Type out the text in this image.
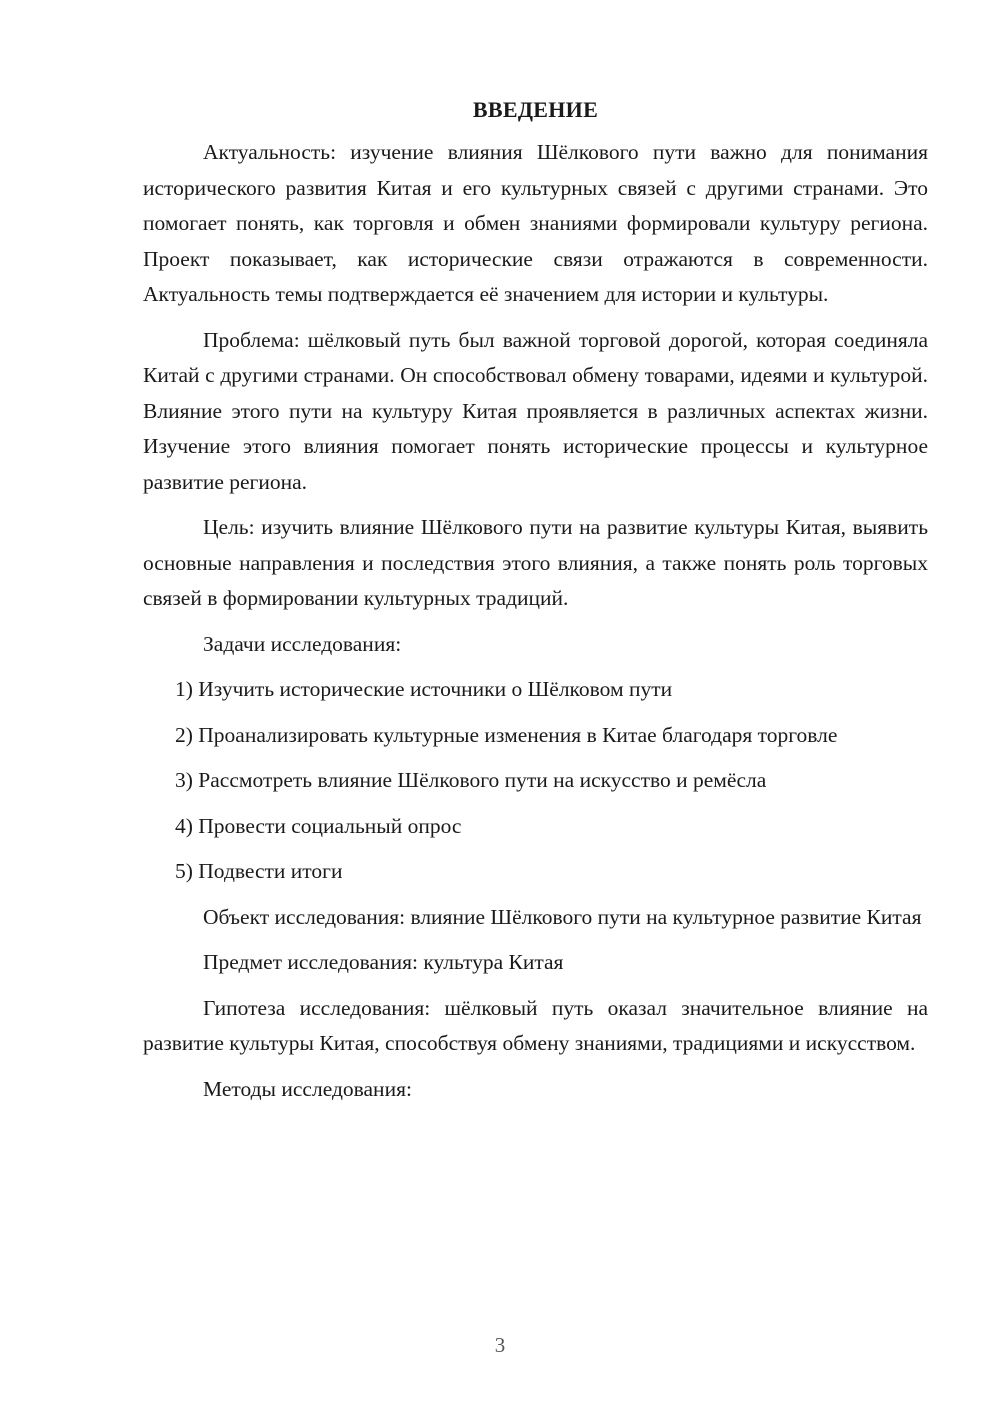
ВВЕДЕНИЕ

Актуальность: изучение влияния Шёлкового пути важно для понимания исторического развития Китая и его культурных связей с другими странами. Это помогает понять, как торговля и обмен знаниями формировали культуру региона. Проект показывает, как исторические связи отражаются в современности. Актуальность темы подтверждается её значением для истории и культуры.

Проблема: шёлковый путь был важной торговой дорогой, которая соединяла Китай с другими странами. Он способствовал обмену товарами, идеями и культурой. Влияние этого пути на культуру Китая проявляется в различных аспектах жизни. Изучение этого влияния помогает понять исторические процессы и культурное развитие региона.

Цель: изучить влияние Шёлкового пути на развитие культуры Китая, выявить основные направления и последствия этого влияния, а также понять роль торговых связей в формировании культурных традиций.

Задачи исследования:

1) Изучить исторические источники о Шёлковом пути

2) Проанализировать культурные изменения в Китае благодаря торговле

3) Рассмотреть влияние Шёлкового пути на искусство и ремёсла

4) Провести социальный опрос

5) Подвести итоги

Объект исследования: влияние Шёлкового пути на культурное развитие Китая

Предмет исследования: культура Китая

Гипотеза исследования: шёлковый путь оказал значительное влияние на развитие культуры Китая, способствуя обмену знаниями, традициями и искусством.

Методы исследования:

3
